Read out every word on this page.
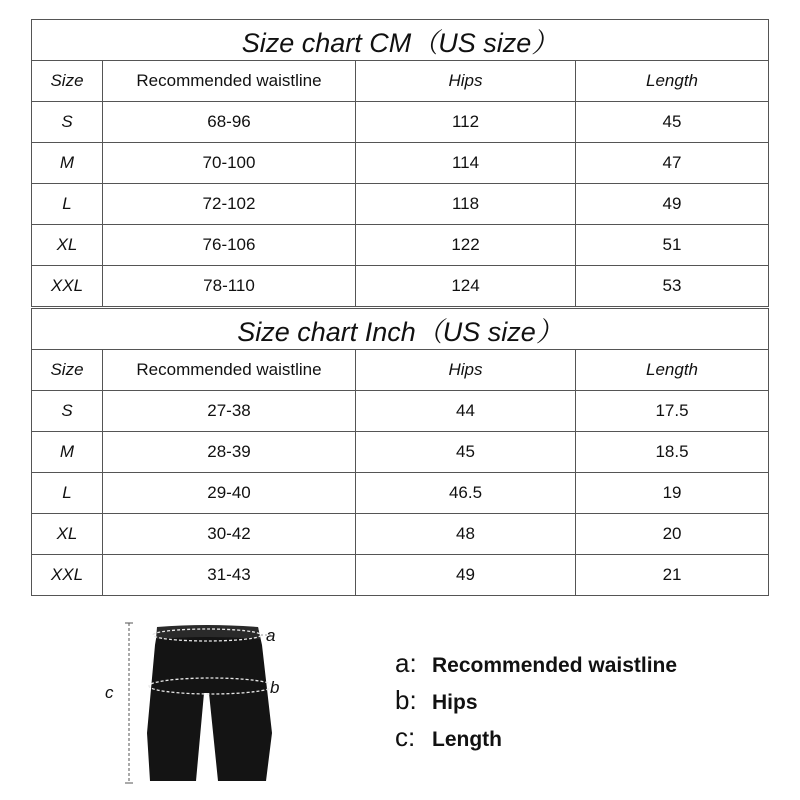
Size chart CM（US size）			
Size	Recommended waistline	Hips	Length
S	68-96	112	45
M	70-100	114	47
L	72-102	118	49
XL	76-106	122	51
XXL	78-110	124	53
Size chart Inch（US size）			
Size	Recommended waistline	Hips	Length
S	27-38	44	17.5
M	28-39	45	18.5
L	29-40	46.5	19
XL	30-42	48	20
XXL	31-43	49	21
a
b
c
a: Recommended waistline
b: Hips
c: Length
